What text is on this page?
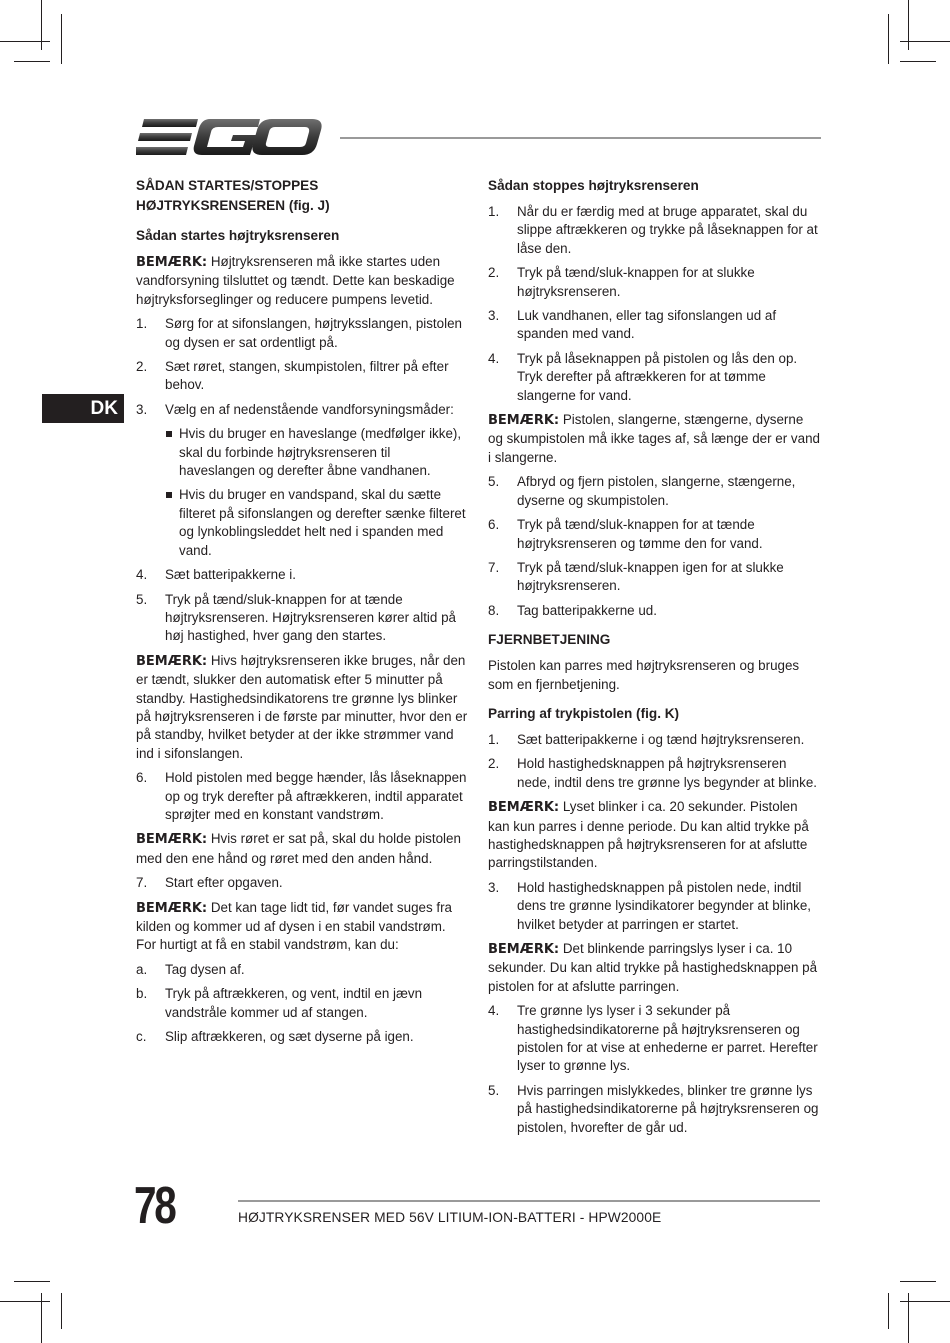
DK
SÅDAN STARTES/STOPPES HØJTRYKSRENSEREN (fig. J)
Sådan startes højtryksrenseren

BEMÆRK: Højtryksrenseren må ikke startes uden vandforsyning tilsluttet og tændt. Dette kan beskadige højtryksforseglinger og reducere pumpens levetid.

1. Sørg for at sifonslangen, højtryksslangen, pistolen og dysen er sat ordentligt på.
2. Sæt røret, stangen, skumpistolen, filtrer på efter behov.
3. Vælg en af nedenstående vandforsyningsmåder:
Hvis du bruger en haveslange (medfølger ikke), skal du forbinde højtryksrenseren til haveslangen og derefter åbne vandhanen.
Hvis du bruger en vandspand, skal du sætte filteret på sifonslangen og derefter sænke filteret og lynkoblingsleddet helt ned i spanden med vand.
4. Sæt batteripakkerne i.
5. Tryk på tænd/sluk-knappen for at tænde højtryksrenseren. Højtryksrenseren kører altid på høj hastighed, hver gang den startes.

BEMÆRK: Hivs højtryksrenseren ikke bruges, når den er tændt, slukker den automatisk efter 5 minutter på standby. Hastighedsindikatorens tre grønne lys blinker på højtryksrenseren i de første par minutter, hvor den er på standby, hvilket betyder at der ikke strømmer vand ind i sifonslangen.

6. Hold pistolen med begge hænder, lås låseknappen op og tryk derefter på aftrækkeren, indtil apparatet sprøjter med en konstant vandstrøm.

BEMÆRK: Hvis røret er sat på, skal du holde pistolen med den ene hånd og røret med den anden hånd.

7. Start efter opgaven.

BEMÆRK: Det kan tage lidt tid, før vandet suges fra kilden og kommer ud af dysen i en stabil vandstrøm. For hurtigt at få en stabil vandstrøm, kan du:

a. Tag dysen af.
b. Tryk på aftrækkeren, og vent, indtil en jævn vandstråle kommer ud af stangen.
c. Slip aftrækkeren, og sæt dyserne på igen.
Sådan stoppes højtryksrenseren
1. Når du er færdig med at bruge apparatet, skal du slippe aftrækkeren og trykke på låseknappen for at låse den.
2. Tryk på tænd/sluk-knappen for at slukke højtryksrenseren.
3. Luk vandhanen, eller tag sifonslangen ud af spanden med vand.
4. Tryk på låseknappen på pistolen og lås den op. Tryk derefter på aftrækkeren for at tømme slangerne for vand.

BEMÆRK: Pistolen, slangerne, stængerne, dyserne og skumpistolen må ikke tages af, så længe der er vand i slangerne.

5. Afbryd og fjern pistolen, slangerne, stængerne, dyserne og skumpistolen.
6. Tryk på tænd/sluk-knappen for at tænde højtryksrenseren og tømme den for vand.
7. Tryk på tænd/sluk-knappen igen for at slukke højtryksrenseren.
8. Tag batteripakkerne ud.
FJERNBETJENING

Pistolen kan parres med højtryksrenseren og bruges som en fjernbetjening.

Parring af trykpistolen (fig. K)
1. Sæt batteripakkerne i og tænd højtryksrenseren.
2. Hold hastighedsknappen på højtryksrenseren nede, indtil dens tre grønne lys begynder at blinke.

BEMÆRK: Lyset blinker i ca. 20 sekunder. Pistolen kan kun parres i denne periode. Du kan altid trykke på hastighedsknappen på højtryksrenseren for at afslutte parringstilstanden.

3. Hold hastighedsknappen på pistolen nede, indtil dens tre grønne lysindikatorer begynder at blinke, hvilket betyder at parringen er startet.

BEMÆRK: Det blinkende parringslys lyser i ca. 10 sekunder. Du kan altid trykke på hastighedsknappen på pistolen for at afslutte parringen.

4. Tre grønne lys lyser i 3 sekunder på hastighedsindikatorerne på højtryksrenseren og pistolen for at vise at enhederne er parret. Herefter lyser to grønne lys.
5. Hvis parringen mislykkedes, blinker tre grønne lys på hastighedsindikatorerne på højtryksrenseren og pistolen, hvorefter de går ud.
78	HØJTRYKSRENSER MED 56V LITIUM-ION-BATTERI - HPW2000E
